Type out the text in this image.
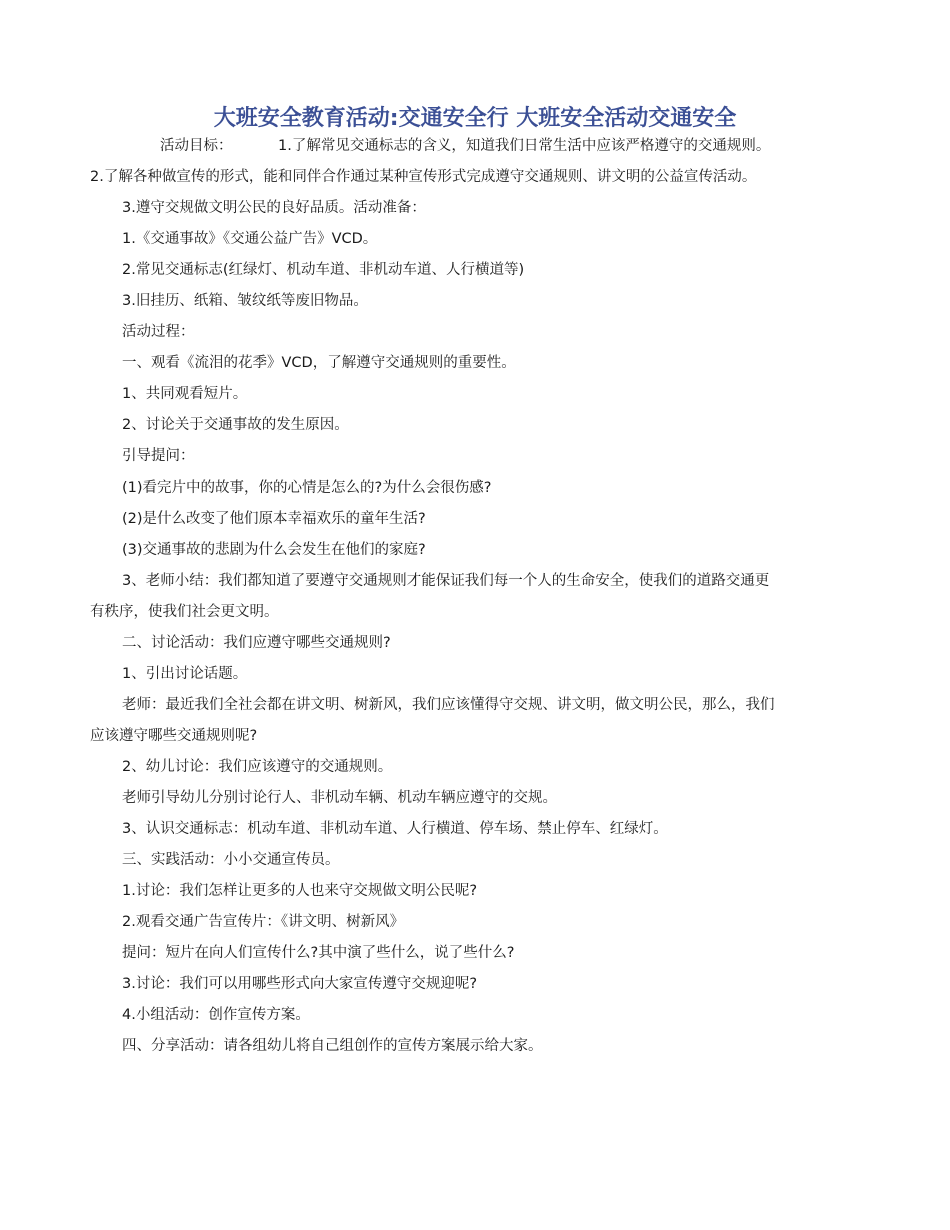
大班安全教育活动:交通安全行 大班安全活动交通安全
活动目标：	1.了解常见交通标志的含义，知道我们日常生活中应该严格遵守的交通规则。
2.了解各种做宣传的形式，能和同伴合作通过某种宣传形式完成遵守交通规则、讲文明的公益宣传活动。
3.遵守交规做文明公民的良好品质。活动准备：
1.《交通事故》《交通公益广告》VCD。
2.常见交通标志(红绿灯、机动车道、非机动车道、人行横道等)
3.旧挂历、纸箱、皱纹纸等废旧物品。
活动过程：
一、观看《流泪的花季》VCD，了解遵守交通规则的重要性。
1、共同观看短片。
2、讨论关于交通事故的发生原因。
引导提问：
(1)看完片中的故事，你的心情是怎么的?为什么会很伤感?
(2)是什么改变了他们原本幸福欢乐的童年生活?
(3)交通事故的悲剧为什么会发生在他们的家庭?
3、老师小结：我们都知道了要遵守交通规则才能保证我们每一个人的生命安全，使我们的道路交通更
有秩序，使我们社会更文明。
二、讨论活动：我们应遵守哪些交通规则?
1、引出讨论话题。
老师：最近我们全社会都在讲文明、树新风，我们应该懂得守交规、讲文明，做文明公民，那么，我们
应该遵守哪些交通规则呢?
2、幼儿讨论：我们应该遵守的交通规则。
老师引导幼儿分别讨论行人、非机动车辆、机动车辆应遵守的交规。
3、认识交通标志：机动车道、非机动车道、人行横道、停车场、禁止停车、红绿灯。
三、实践活动：小小交通宣传员。
1.讨论：我们怎样让更多的人也来守交规做文明公民呢?
2.观看交通广告宣传片：《讲文明、树新风》
提问：短片在向人们宣传什么?其中演了些什么，说了些什么?
3.讨论：我们可以用哪些形式向大家宣传遵守交规迎呢?
4.小组活动：创作宣传方案。
四、分享活动：请各组幼儿将自己组创作的宣传方案展示给大家。
